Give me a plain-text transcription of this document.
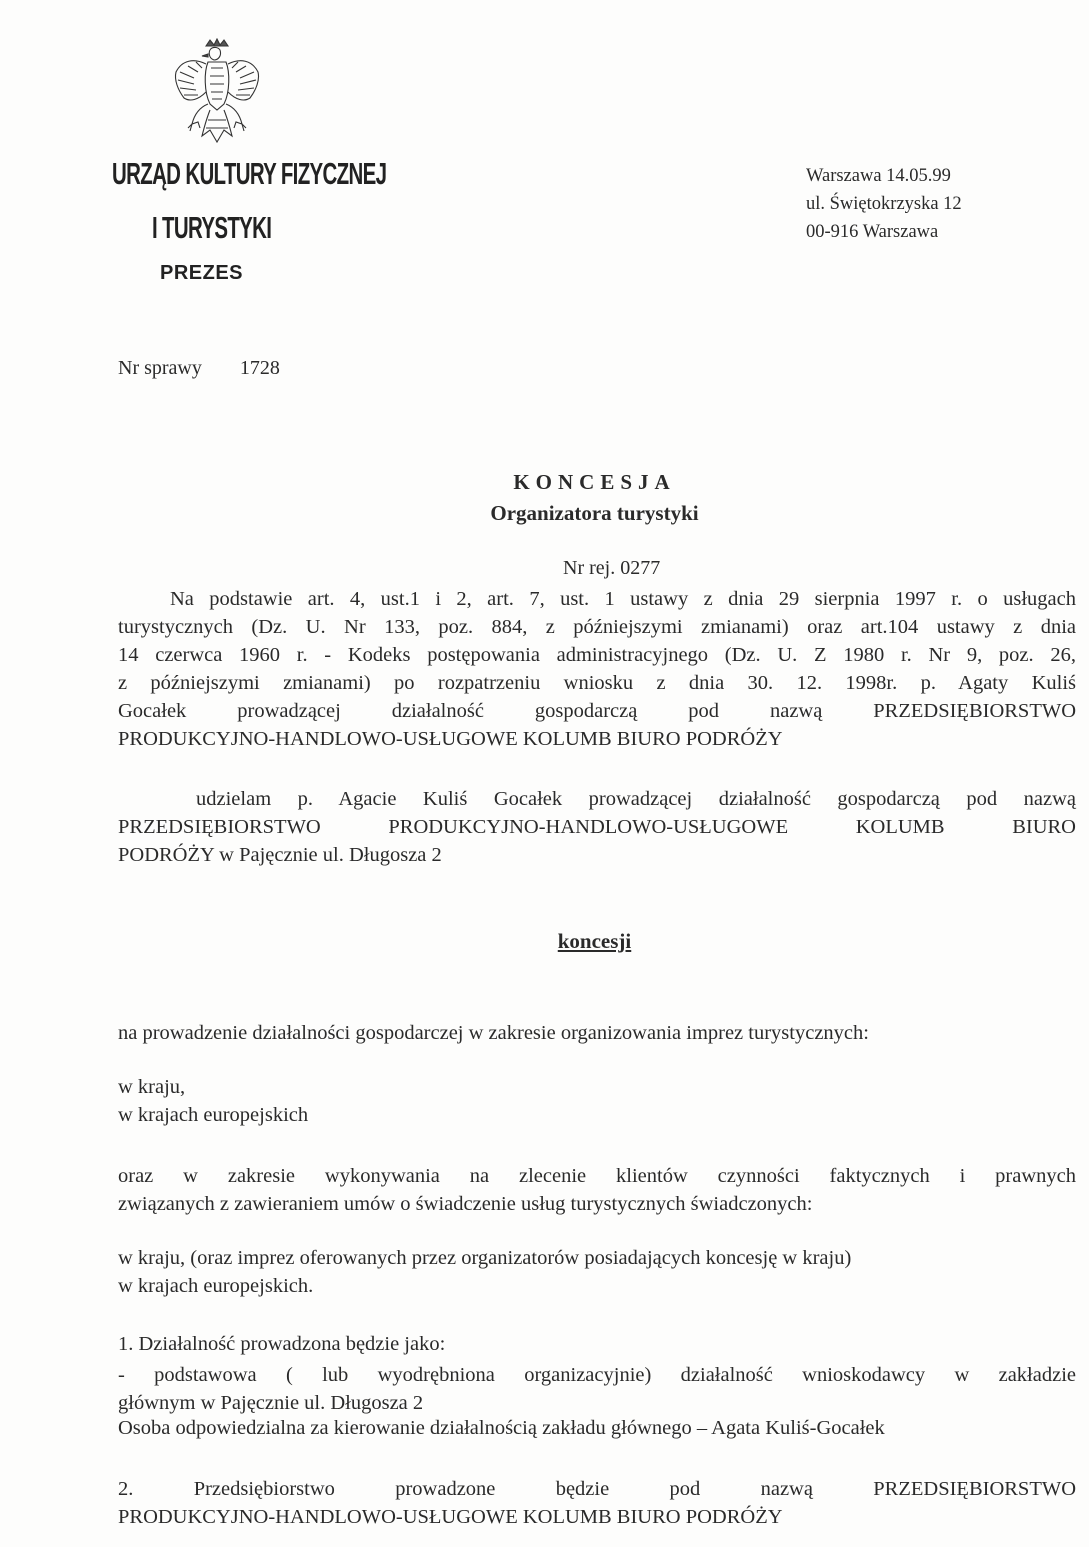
URZĄD KULTURY FIZYCZNEJ
I TURYSTYKI
PREZES
Warszawa 14.05.99
ul. Świętokrzyska 12
00-916 Warszawa
Nr sprawy 1728
KONCESJA
Organizatora turystyki
Nr rej. 0277
Na podstawie art. 4, ust.1 i 2, art. 7, ust. 1 ustawy z dnia 29 sierpnia 1997 r. o usługach
turystycznych (Dz. U. Nr 133, poz. 884, z późniejszymi zmianami) oraz art.104 ustawy z dnia
14 czerwca 1960 r. - Kodeks postępowania administracyjnego (Dz. U. Z 1980 r. Nr 9, poz. 26,
z późniejszymi zmianami) po rozpatrzeniu wniosku z dnia 30. 12. 1998r. p. Agaty Kuliś
Gocałek prowadzącej działalność gospodarczą pod nazwą PRZEDSIĘBIORSTWO
PRODUKCYJNO-HANDLOWO-USŁUGOWE KOLUMB BIURO PODRÓŻY
udzielam p. Agacie Kuliś Gocałek prowadzącej działalność gospodarczą pod nazwą
PRZEDSIĘBIORSTWO PRODUKCYJNO-HANDLOWO-USŁUGOWE KOLUMB BIURO
PODRÓŻY w Pajęcznie ul. Długosza 2
koncesji
na prowadzenie działalności gospodarczej w zakresie organizowania imprez turystycznych:
w kraju,
w krajach europejskich
oraz w zakresie wykonywania na zlecenie klientów czynności faktycznych i prawnych
związanych z zawieraniem umów o świadczenie usług turystycznych świadczonych:
w kraju, (oraz imprez oferowanych przez organizatorów posiadających koncesję w kraju)
w krajach europejskich.
1. Działalność prowadzona będzie jako:
- podstawowa ( lub wyodrębniona organizacyjnie) działalność wnioskodawcy w zakładzie
głównym w Pajęcznie ul. Długosza 2
Osoba odpowiedzialna za kierowanie działalnością zakładu głównego – Agata Kuliś-Gocałek
2. Przedsiębiorstwo prowadzone będzie pod nazwą PRZEDSIĘBIORSTWO
PRODUKCYJNO-HANDLOWO-USŁUGOWE KOLUMB BIURO PODRÓŻY
